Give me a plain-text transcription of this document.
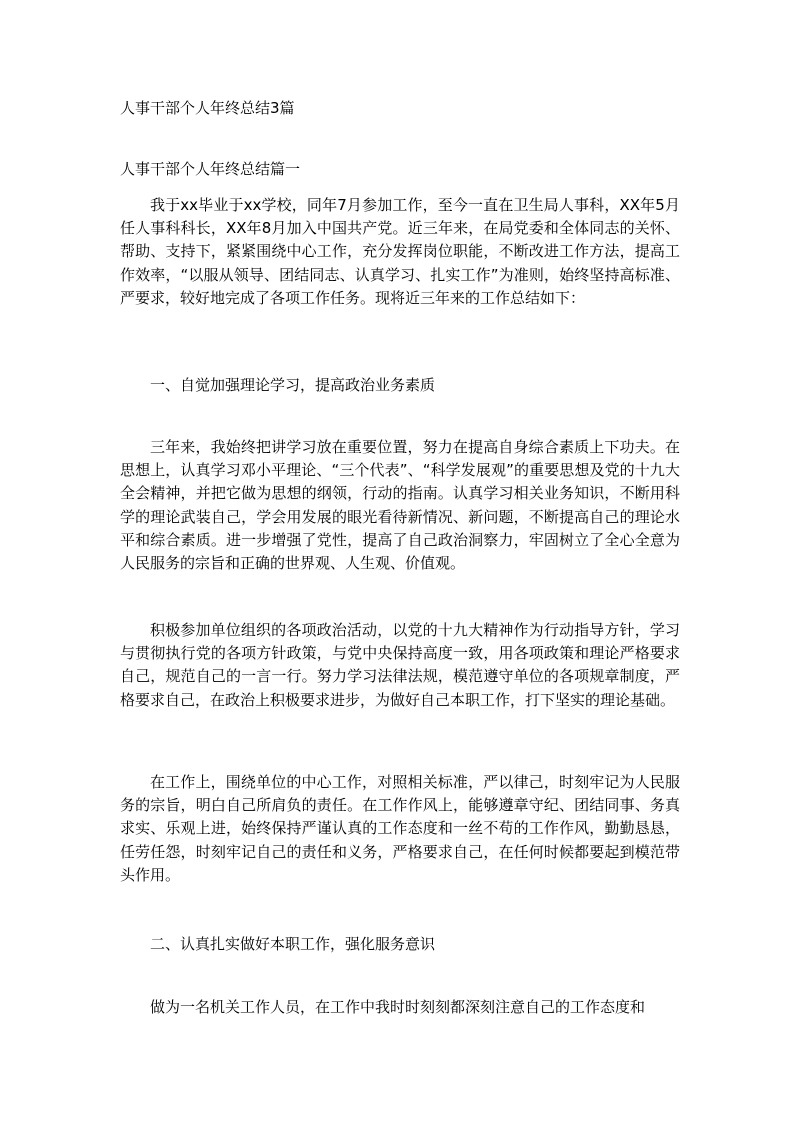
人事干部个人年终总结3篇
人事干部个人年终总结篇一

我于xx毕业于xx学校，同年7月参加工作，至今一直在卫生局人事科，XX年5月任人事科科长，XX年8月加入中国共产党。近三年来，在局党委和全体同志的关怀、帮助、支持下，紧紧围绕中心工作，充分发挥岗位职能，不断改进工作方法，提高工作效率，“以服从领导、团结同志、认真学习、扎实工作”为准则，始终坚持高标准、严要求，较好地完成了各项工作任务。现将近三年来的工作总结如下：

一、自觉加强理论学习，提高政治业务素质

三年来，我始终把讲学习放在重要位置，努力在提高自身综合素质上下功夫。在思想上，认真学习邓小平理论、“三个代表”、“科学发展观”的重要思想及党的十九大全会精神，并把它做为思想的纲领，行动的指南。认真学习相关业务知识，不断用科学的理论武装自己，学会用发展的眼光看待新情况、新问题，不断提高自己的理论水平和综合素质。进一步增强了党性，提高了自己政治洞察力，牢固树立了全心全意为人民服务的宗旨和正确的世界观、人生观、价值观。

积极参加单位组织的各项政治活动，以党的十九大精神作为行动指导方针，学习与贯彻执行党的各项方针政策，与党中央保持高度一致，用各项政策和理论严格要求自己，规范自己的一言一行。努力学习法律法规，模范遵守单位的各项规章制度，严格要求自己，在政治上积极要求进步，为做好自己本职工作，打下坚实的理论基础。

在工作上，围绕单位的中心工作，对照相关标准，严以律己，时刻牢记为人民服务的宗旨，明白自己所肩负的责任。在工作作风上，能够遵章守纪、团结同事、务真求实、乐观上进，始终保持严谨认真的工作态度和一丝不苟的工作作风，勤勤恳恳，任劳任怨，时刻牢记自己的责任和义务，严格要求自己，在任何时候都要起到模范带头作用。

二、认真扎实做好本职工作，强化服务意识

做为一名机关工作人员，在工作中我时时刻刻都深刻注意自己的工作态度和
